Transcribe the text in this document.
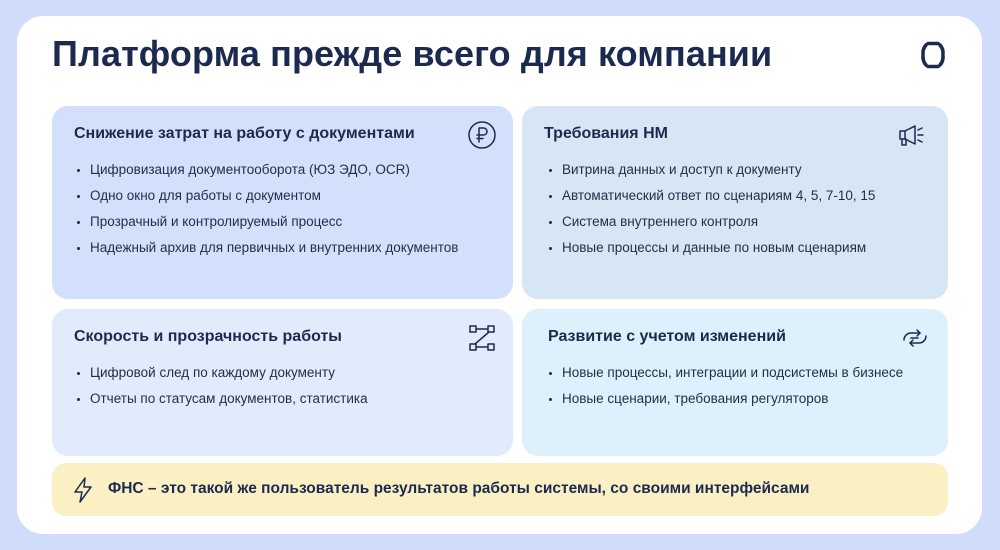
Платформа прежде всего для компании
Снижение затрат на работу с документами
Цифровизация документооборота (ЮЗ ЭДО, OCR)
Одно окно для работы с документом
Прозрачный и контролируемый процесс
Надежный архив для первичных и внутренних документов
Требования НМ
Витрина данных и доступ к документу
Автоматический ответ по сценариям 4, 5, 7-10, 15
Система внутреннего контроля
Новые процессы и данные по новым сценариям
Скорость и прозрачность работы
Цифровой след по каждому документу
Отчеты по статусам документов, статистика
Развитие с учетом изменений
Новые процессы, интеграции и подсистемы в бизнесе
Новые сценарии, требования регуляторов
ФНС – это такой же пользователь результатов работы системы, со своими интерфейсами
